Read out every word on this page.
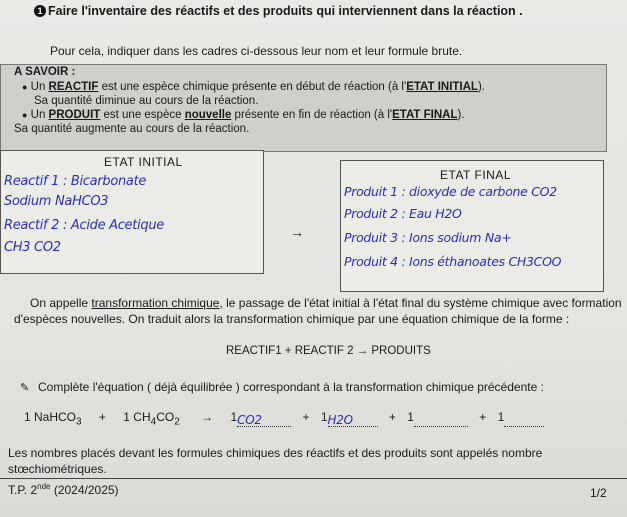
1 Faire l'inventaire des réactifs et des produits qui interviennent dans la réaction .
Pour cela, indiquer dans les cadres ci-dessous leur nom et leur formule brute.
A SAVOIR :
● Un REACTIF est une espèce chimique présente en début de réaction (à l'ETAT INITIAL).
Sa quantité diminue au cours de la réaction.
● Un PRODUIT est une espèce nouvelle présente en fin de réaction (à l'ETAT FINAL).
Sa quantité augmente au cours de la réaction.
ETAT INITIAL
Reactif 1 : Bicarbonate
Sodium NaHCO3
Reactif 2 : Acide Acetique
CH3 CO2
→
ETAT FINAL
Produit 1 : dioxyde de carbone CO2
Produit 2 : Eau H2O
Produit 3 : Ions sodium Na+
Produit 4 : Ions éthanoates CH3COO
On appelle transformation chimique, le passage de l'état initial à l'état final du système chimique avec formation
d'espèces nouvelles. On traduit alors la transformation chimique par une équation chimique de la forme :
REACTIF1 + REACTIF 2 → PRODUITS
✎ Complète l'équation ( déjà équilibrée ) correspondant à la transformation chimique précédente :
1 NaHCO$_3$ + 1 $CH_4CO_2 \to 1CO2$	+ 1H2O	+ 1	+ 1
Les nombres placés devant les formules chimiques des réactifs et des produits sont appelés nombre
stœchiométriques.
T.P. 2nde (2024/2025)	1/2
